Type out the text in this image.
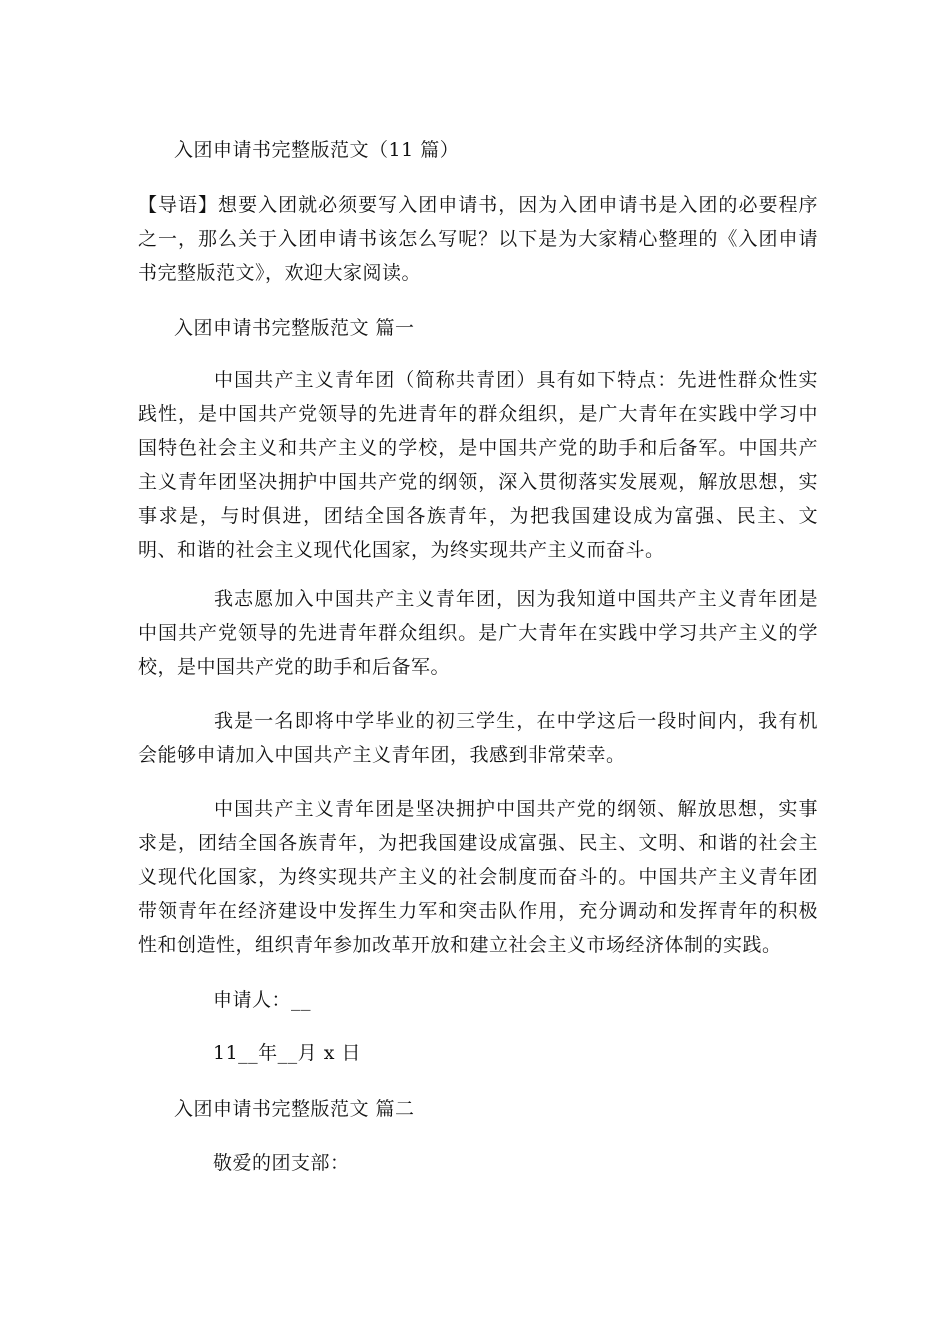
入团申请书完整版范文（11 篇）

【导语】想要入团就必须要写入团申请书，因为入团申请书是入团的必要程序之一，那么关于入团申请书该怎么写呢？以下是为大家精心整理的《入团申请书完整版范文》，欢迎大家阅读。

入团申请书完整版范文 篇一

中国共产主义青年团（简称共青团）具有如下特点：先进性群众性实践性，是中国共产党领导的先进青年的群众组织，是广大青年在实践中学习中国特色社会主义和共产主义的学校，是中国共产党的助手和后备军。中国共产主义青年团坚决拥护中国共产党的纲领，深入贯彻落实发展观，解放思想，实事求是，与时俱进，团结全国各族青年，为把我国建设成为富强、民主、文明、和谐的社会主义现代化国家，为终实现共产主义而奋斗。

我志愿加入中国共产主义青年团，因为我知道中国共产主义青年团是中国共产党领导的先进青年群众组织。是广大青年在实践中学习共产主义的学校，是中国共产党的助手和后备军。

我是一名即将中学毕业的初三学生，在中学这后一段时间内，我有机会能够申请加入中国共产主义青年团，我感到非常荣幸。

中国共产主义青年团是坚决拥护中国共产党的纲领、解放思想，实事求是，团结全国各族青年，为把我国建设成富强、民主、文明、和谐的社会主义现代化国家，为终实现共产主义的社会制度而奋斗的。中国共产主义青年团带领青年在经济建设中发挥生力军和突击队作用，充分调动和发挥青年的积极性和创造性，组织青年参加改革开放和建立社会主义市场经济体制的实践。

申请人：__
11__年__月 x 日
入团申请书完整版范文 篇二
敬爱的团支部：
